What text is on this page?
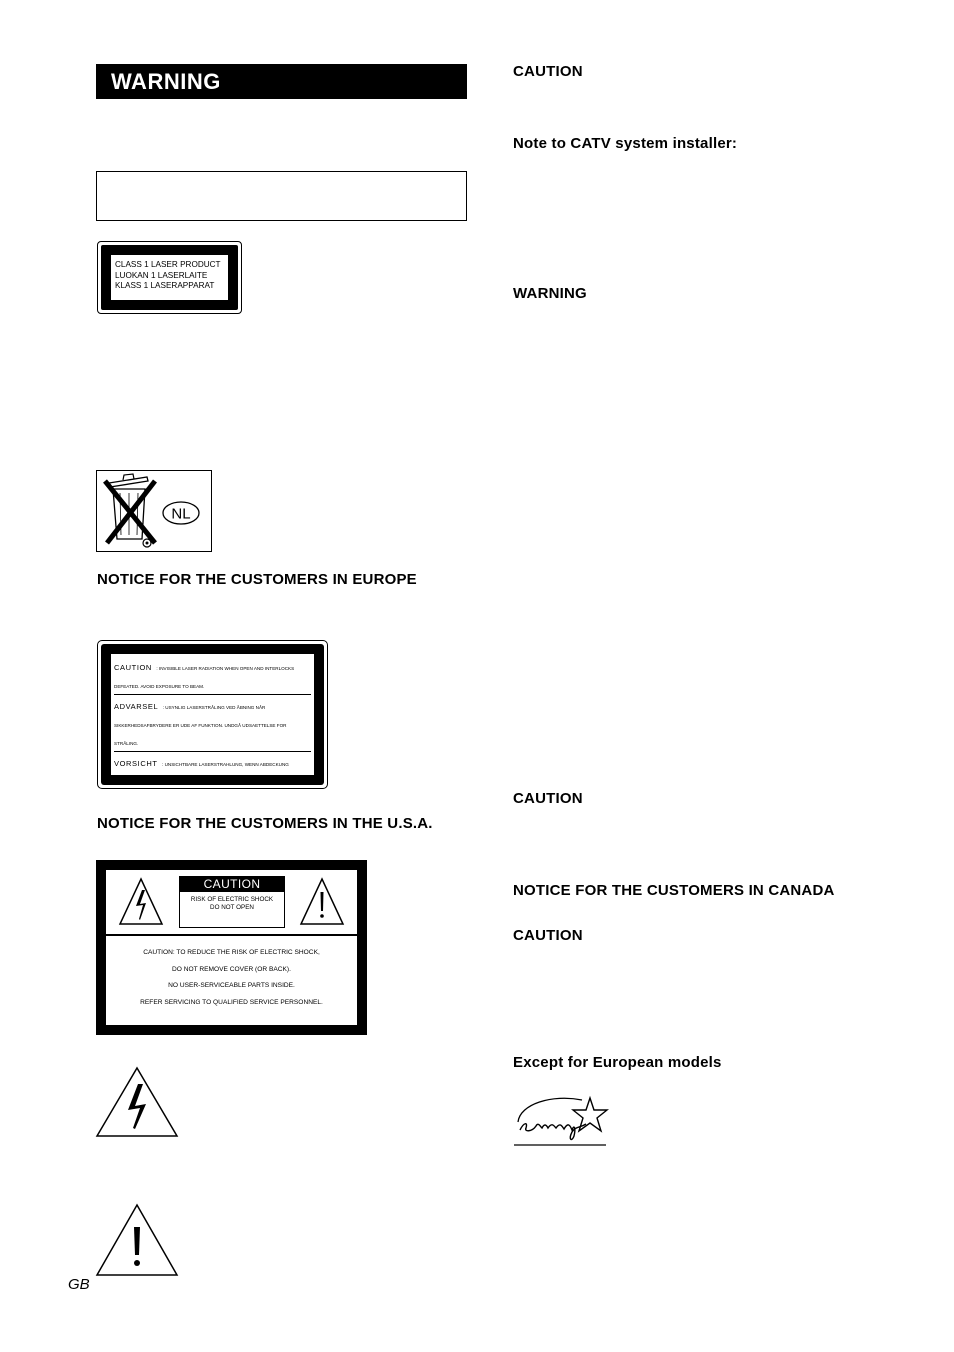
WARNING
CLASS 1 LASER PRODUCT
LUOKAN 1 LASERLAITE
KLASS 1 LASERAPPARAT
NL
NOTICE FOR THE CUSTOMERS IN EUROPE
CAUTION : INVISIBLE LASER RADIATION WHEN OPEN AND INTERLOCKS DEFEATED. AVOID EXPOSURE TO BEAM.
ADVARSEL : USYNLIG LASERSTRÅLING VED ÅBNING NÅR SIKKERHEDSAFBRYDERE ER UDE AF FUNKTION. UNDGÅ UDSAETTELSE FOR STRÅLING.
VORSICHT : UNSICHTBARE LASERSTRAHLUNG, WENN ABDECKUNG
NOTICE FOR THE CUSTOMERS IN THE U.S.A.
CAUTION
RISK OF ELECTRIC SHOCK
DO NOT OPEN
CAUTION: TO REDUCE THE RISK OF ELECTRIC SHOCK,
DO NOT REMOVE COVER (OR BACK).
NO USER-SERVICEABLE PARTS INSIDE.
REFER SERVICING TO QUALIFIED SERVICE PERSONNEL.
GB
CAUTION
Note to CATV system installer:
WARNING
CAUTION
NOTICE FOR THE CUSTOMERS IN CANADA
CAUTION
Except for European models
